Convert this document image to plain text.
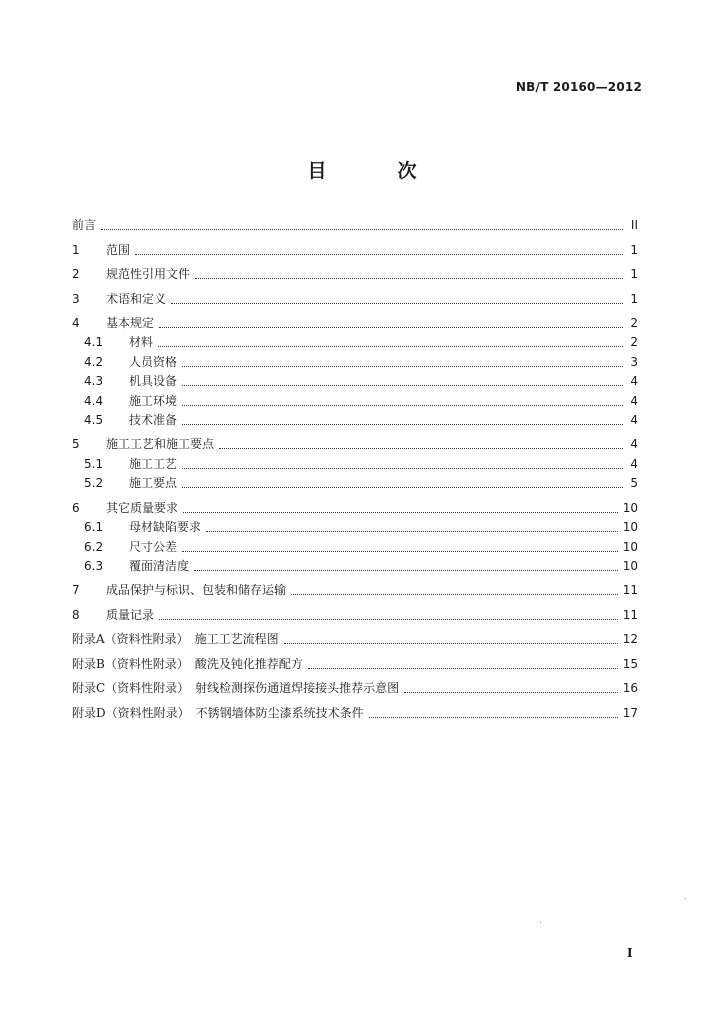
NB/T 20160—2012
目　次
前言	II
1	范围	1
2	规范性引用文件	1
3	术语和定义	1
4	基本规定	2
4.1	材料	2
4.2	人员资格	3
4.3	机具设备	4
4.4	施工环境	4
4.5	技术准备	4
5	施工工艺和施工要点	4
5.1	施工工艺	4
5.2	施工要点	5
6	其它质量要求	10
6.1	母材缺陷要求	10
6.2	尺寸公差	10
6.3	覆面清洁度	10
7	成品保护与标识、包装和储存运输	11
8	质量记录	11
附录A（资料性附录）　施工工艺流程图	12
附录B（资料性附录）　酸洗及钝化推荐配方	15
附录C（资料性附录）　射线检测探伤通道焊接接头推荐示意图	16
附录D（资料性附录）　不锈钢墙体防尘漆系统技术条件	17
I
